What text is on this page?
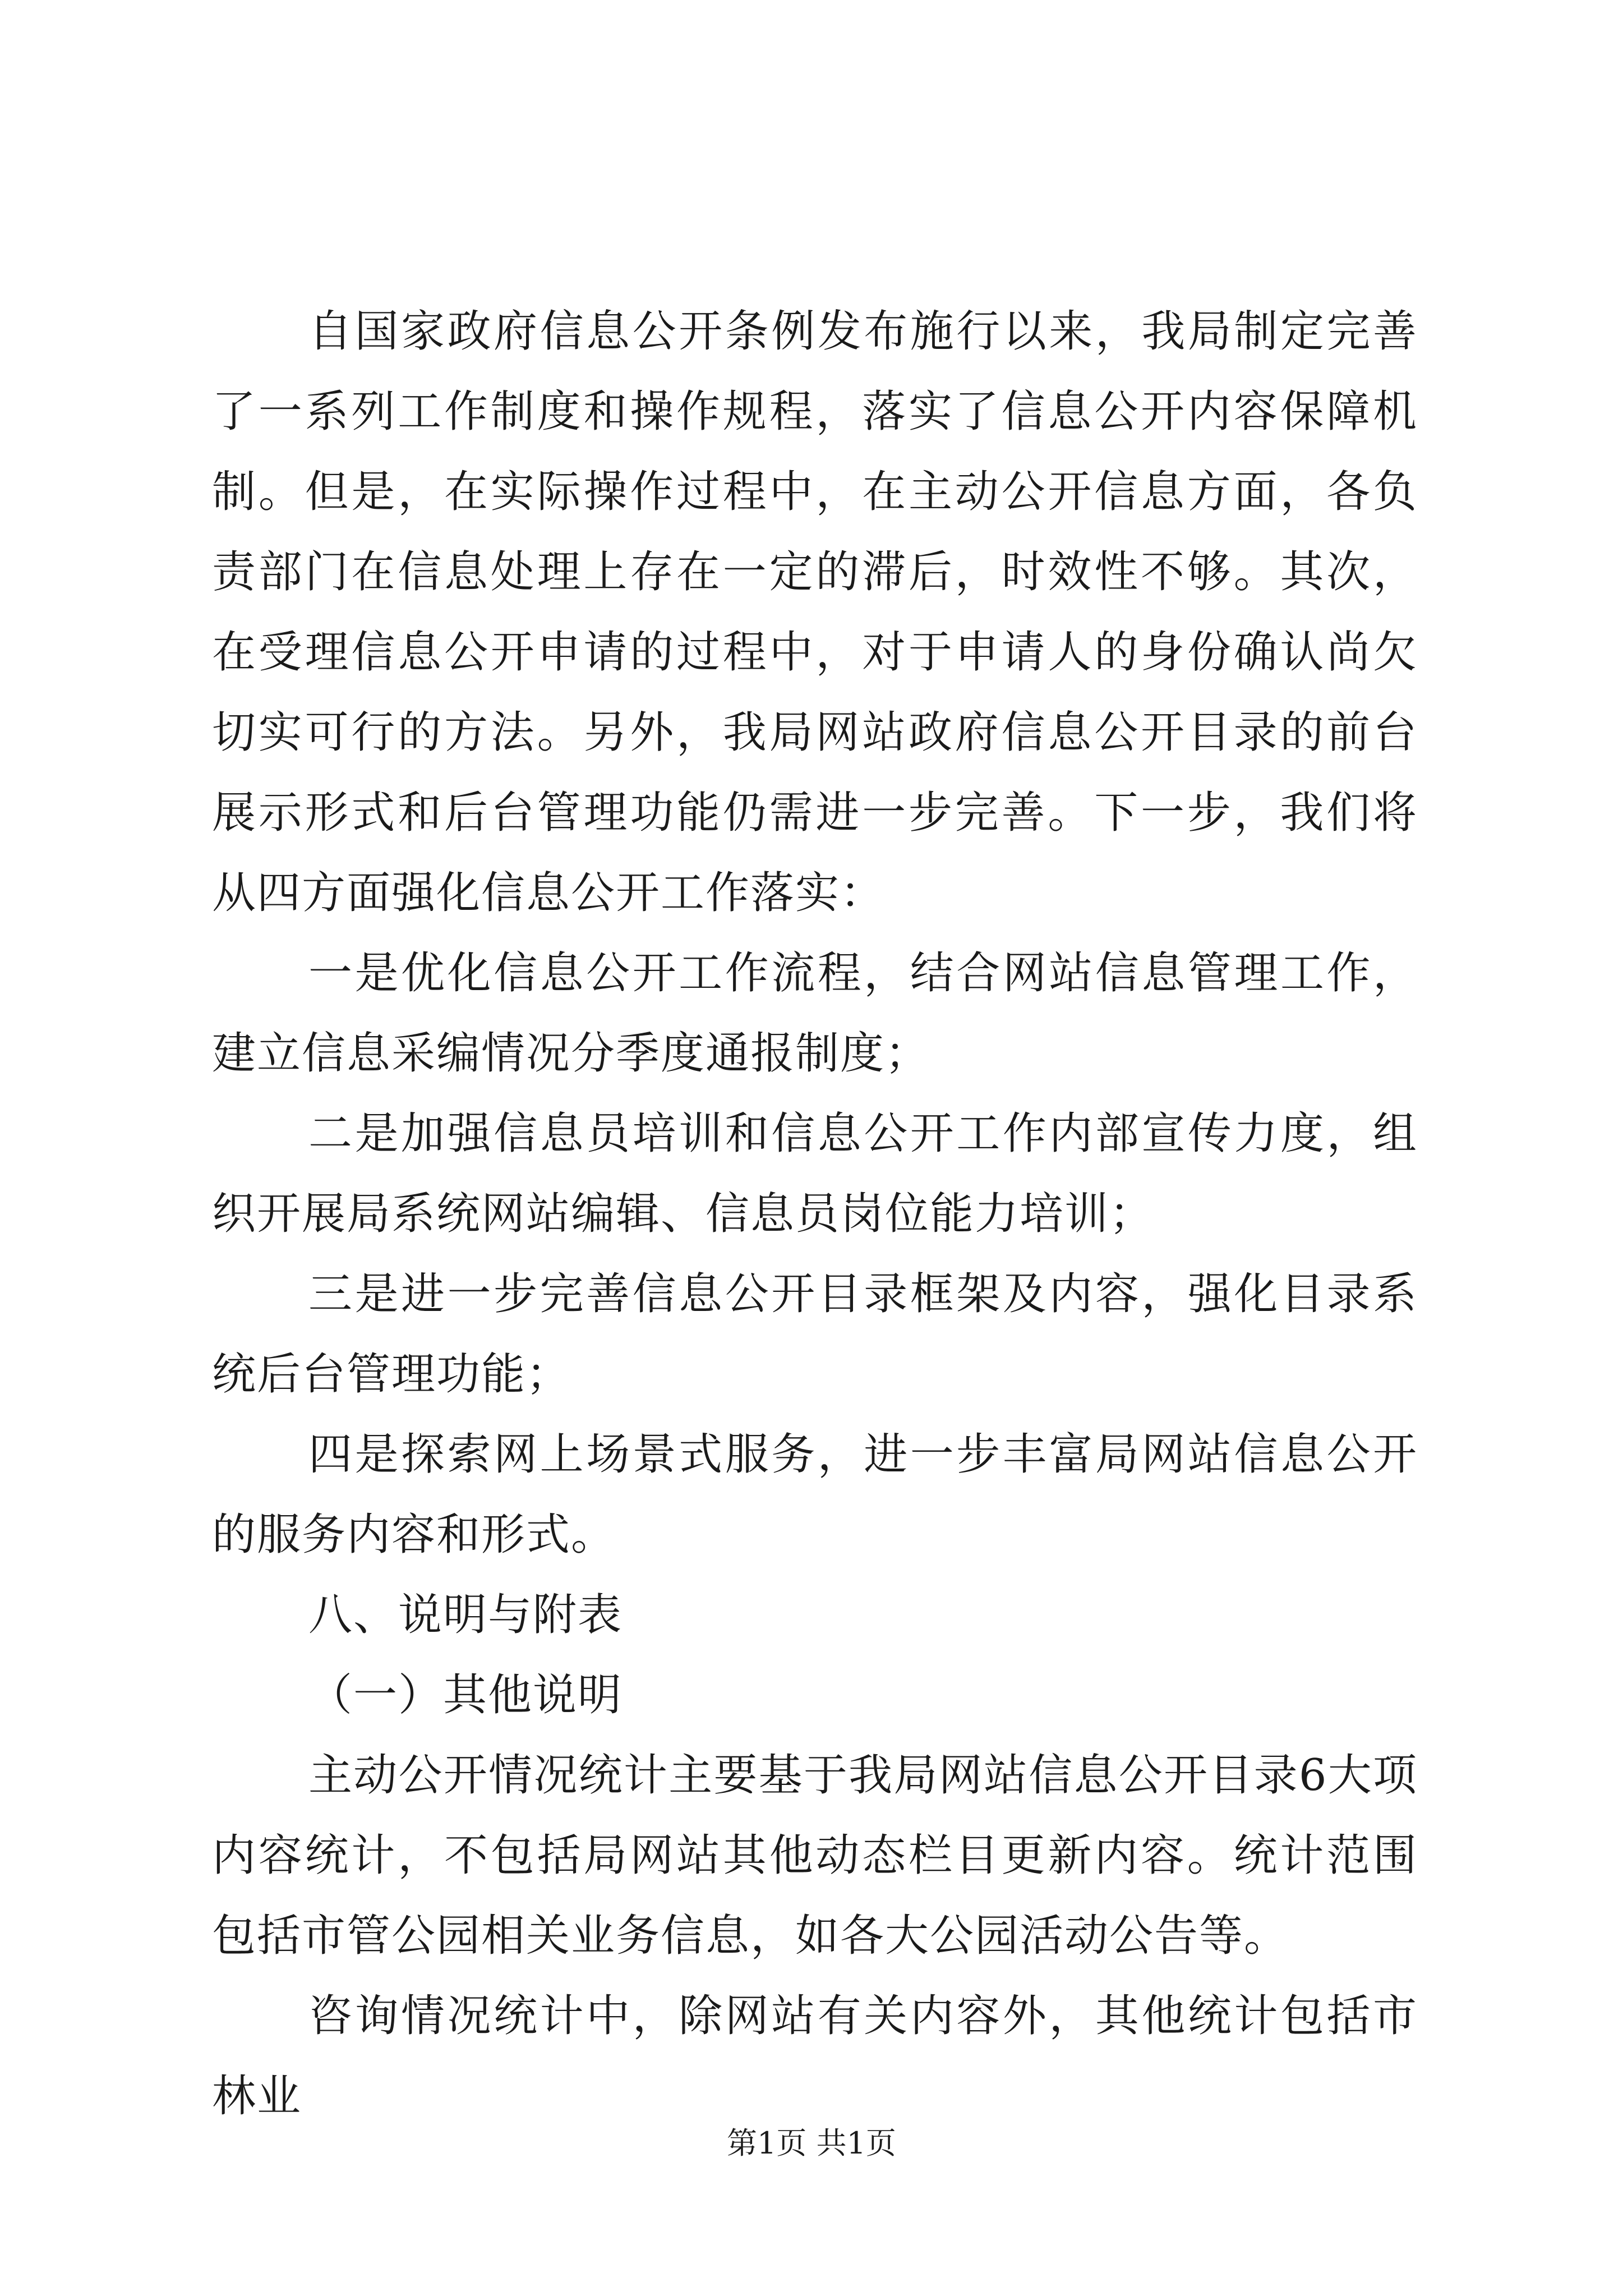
自国家政府信息公开条例发布施行以来，我局制定完善了一系列工作制度和操作规程，落实了信息公开内容保障机制。但是，在实际操作过程中，在主动公开信息方面，各负责部门在信息处理上存在一定的滞后，时效性不够。其次，在受理信息公开申请的过程中，对于申请人的身份确认尚欠切实可行的方法。另外，我局网站政府信息公开目录的前台展示形式和后台管理功能仍需进一步完善。下一步，我们将从四方面强化信息公开工作落实：

一是优化信息公开工作流程，结合网站信息管理工作，建立信息采编情况分季度通报制度；

二是加强信息员培训和信息公开工作内部宣传力度，组织开展局系统网站编辑、信息员岗位能力培训；

三是进一步完善信息公开目录框架及内容，强化目录系统后台管理功能；

四是探索网上场景式服务，进一步丰富局网站信息公开的服务内容和形式。

八、说明与附表

（一）其他说明

主动公开情况统计主要基于我局网站信息公开目录6大项内容统计，不包括局网站其他动态栏目更新内容。统计范围包括市管公园相关业务信息，如各大公园活动公告等。

咨询情况统计中，除网站有关内容外，其他统计包括市林业

第1页 共1页
